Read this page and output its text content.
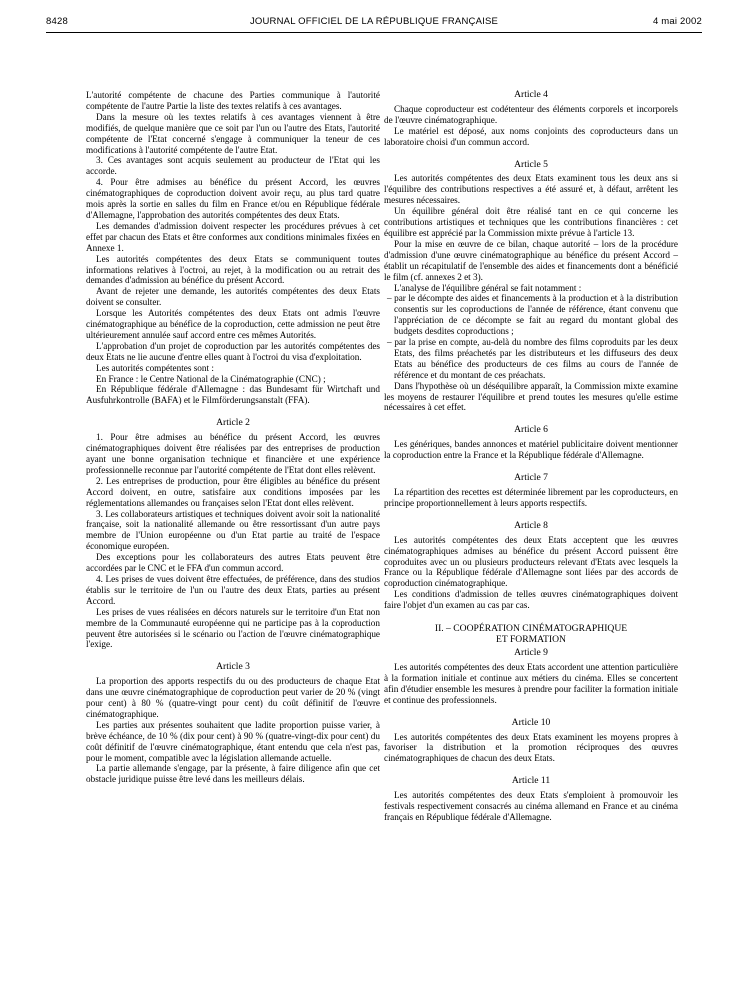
8428	JOURNAL OFFICIEL DE LA RÉPUBLIQUE FRANÇAISE	4 mai 2002

L'autorité compétente de chacune des Parties communique à l'autorité compétente de l'autre Partie la liste des textes relatifs à ces avantages.

Dans la mesure où les textes relatifs à ces avantages viennent à être modifiés, de quelque manière que ce soit par l'un ou l'autre des Etats, l'autorité compétente de l'Etat concerné s'engage à communiquer la teneur de ces modifications à l'autorité compétente de l'autre Etat.

3. Ces avantages sont acquis seulement au producteur de l'Etat qui les accorde.

4. Pour être admises au bénéfice du présent Accord, les œuvres cinématographiques de coproduction doivent avoir reçu, au plus tard quatre mois après la sortie en salles du film en France et/ou en République fédérale d'Allemagne, l'approbation des autorités compétentes des deux Etats.

Les demandes d'admission doivent respecter les procédures prévues à cet effet par chacun des Etats et être conformes aux conditions minimales fixées en Annexe 1.

Les autorités compétentes des deux Etats se communiquent toutes informations relatives à l'octroi, au rejet, à la modification ou au retrait des demandes d'admission au bénéfice du présent Accord.

Avant de rejeter une demande, les autorités compétentes des deux Etats doivent se consulter.

Lorsque les Autorités compétentes des deux Etats ont admis l'œuvre cinématographique au bénéfice de la coproduction, cette admission ne peut être ultérieurement annulée sauf accord entre ces mêmes Autorités.

L'approbation d'un projet de coproduction par les autorités compétentes des deux Etats ne lie aucune d'entre elles quant à l'octroi du visa d'exploitation.

Les autorités compétentes sont :

En France : le Centre National de la Cinématographie (CNC) ;

En République fédérale d'Allemagne : das Bundesamt für Wirtchaft und Ausfuhrkontrolle (BAFA) et le Filmförderungsanstalt (FFA).

Article 2

1. Pour être admises au bénéfice du présent Accord, les œuvres cinématographiques doivent être réalisées par des entreprises de production ayant une bonne organisation technique et financière et une expérience professionnelle reconnue par l'autorité compétente de l'Etat dont elles relèvent.

2. Les entreprises de production, pour être éligibles au bénéfice du présent Accord doivent, en outre, satisfaire aux conditions imposées par les réglementations allemandes ou françaises selon l'Etat dont elles relèvent.

3. Les collaborateurs artistiques et techniques doivent avoir soit la nationalité française, soit la nationalité allemande ou être ressortissant d'un autre pays membre de l'Union européenne ou d'un Etat partie au traité de l'espace économique européen.

Des exceptions pour les collaborateurs des autres Etats peuvent être accordées par le CNC et le FFA d'un commun accord.

4. Les prises de vues doivent être effectuées, de préférence, dans des studios établis sur le territoire de l'un ou l'autre des deux Etats, parties au présent Accord.

Les prises de vues réalisées en décors naturels sur le territoire d'un Etat non membre de la Communauté européenne qui ne participe pas à la coproduction peuvent être autorisées si le scénario ou l'action de l'œuvre cinématographique l'exige.

Article 3

La proportion des apports respectifs du ou des producteurs de chaque Etat dans une œuvre cinématographique de coproduction peut varier de 20 % (vingt pour cent) à 80 % (quatre-vingt pour cent) du coût définitif de l'œuvre cinématographique.

Les parties aux présentes souhaitent que ladite proportion puisse varier, à brève échéance, de 10 % (dix pour cent) à 90 % (quatre-vingt-dix pour cent) du coût définitif de l'œuvre cinématographique, étant entendu que cela n'est pas, pour le moment, compatible avec la législation allemande actuelle.

La partie allemande s'engage, par la présente, à faire diligence afin que cet obstacle juridique puisse être levé dans les meilleurs délais.

Article 4

Chaque coproducteur est codétenteur des éléments corporels et incorporels de l'œuvre cinématographique.

Le matériel est déposé, aux noms conjoints des coproducteurs dans un laboratoire choisi d'un commun accord.

Article 5

Les autorités compétentes des deux Etats examinent tous les deux ans si l'équilibre des contributions respectives a été assuré et, à défaut, arrêtent les mesures nécessaires.

Un équilibre général doit être réalisé tant en ce qui concerne les contributions artistiques et techniques que les contributions financières : cet équilibre est apprécié par la Commission mixte prévue à l'article 13.

Pour la mise en œuvre de ce bilan, chaque autorité – lors de la procédure d'admission d'une œuvre cinématographique au bénéfice du présent Accord – établit un récapitulatif de l'ensemble des aides et financements dont a bénéficié le film (cf. annexes 2 et 3).

L'analyse de l'équilibre général se fait notamment :

– par le décompte des aides et financements à la production et à la distribution consentis sur les coproductions de l'année de référence, étant convenu que l'appréciation de ce décompte se fait au regard du montant global des budgets desdites coproductions ;
– par la prise en compte, au-delà du nombre des films coproduits par les deux Etats, des films préachetés par les distributeurs et les diffuseurs des deux Etats au bénéfice des producteurs de ces films au cours de l'année de référence et du montant de ces préachats.

Dans l'hypothèse où un déséquilibre apparaît, la Commission mixte examine les moyens de restaurer l'équilibre et prend toutes les mesures qu'elle estime nécessaires à cet effet.

Article 6

Les génériques, bandes annonces et matériel publicitaire doivent mentionner la coproduction entre la France et la République fédérale d'Allemagne.

Article 7

La répartition des recettes est déterminée librement par les coproducteurs, en principe proportionnellement à leurs apports respectifs.

Article 8

Les autorités compétentes des deux Etats acceptent que les œuvres cinématographiques admises au bénéfice du présent Accord puissent être coproduites avec un ou plusieurs producteurs relevant d'Etats avec lesquels la France ou la République fédérale d'Allemagne sont liées par des accords de coproduction cinématographique.

Les conditions d'admission de telles œuvres cinématographiques doivent faire l'objet d'un examen au cas par cas.

II. – COOPÉRATION CINÉMATOGRAPHIQUE
ET FORMATION
Article 9

Les autorités compétentes des deux Etats accordent une attention particulière à la formation initiale et continue aux métiers du cinéma. Elles se concertent afin d'étudier ensemble les mesures à prendre pour faciliter la formation initiale et continue des professionnels.

Article 10

Les autorités compétentes des deux Etats examinent les moyens propres à favoriser la distribution et la promotion réciproques des œuvres cinématographiques de chacun des deux Etats.

Article 11

Les autorités compétentes des deux Etats s'emploient à promouvoir les festivals respectivement consacrés au cinéma allemand en France et au cinéma français en République fédérale d'Allemagne.
